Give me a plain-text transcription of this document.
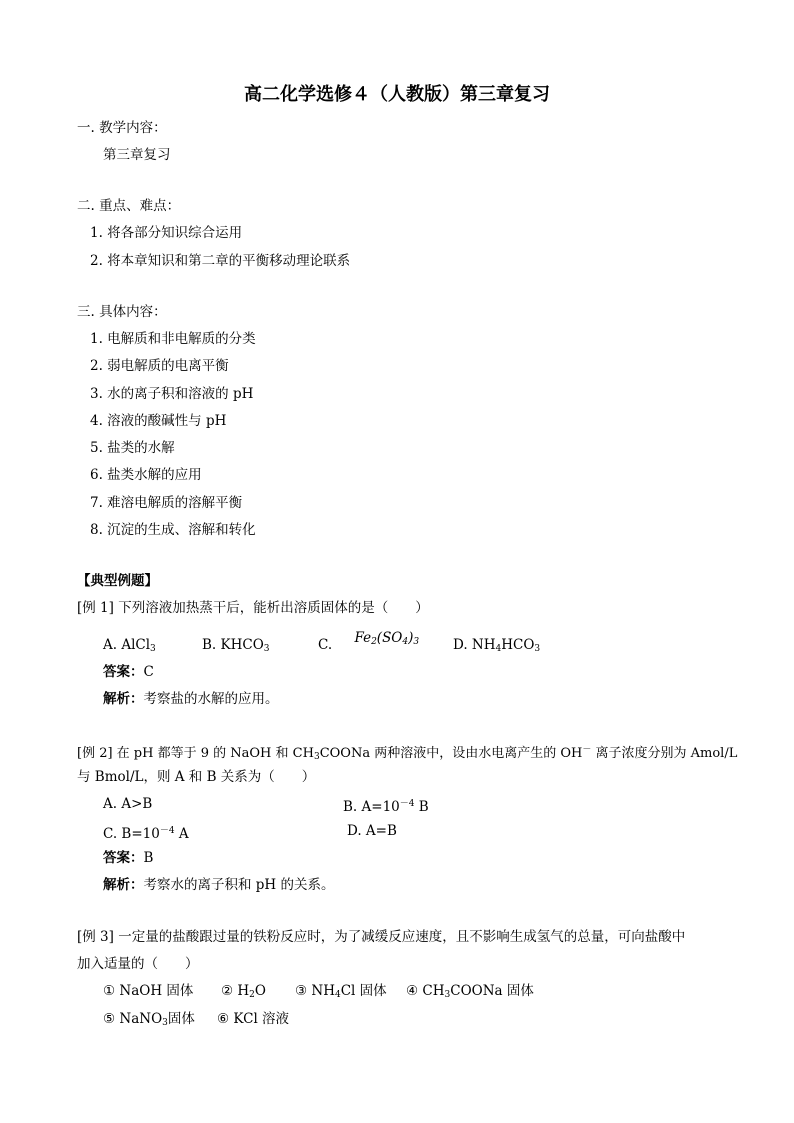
高二化学选修４（人教版）第三章复习
一. 教学内容：
第三章复习
二. 重点、难点：
1. 将各部分知识综合运用
2. 将本章知识和第二章的平衡移动理论联系
三. 具体内容：
1. 电解质和非电解质的分类
2. 弱电解质的电离平衡
3. 水的离子积和溶液的 pH
4. 溶液的酸碱性与 pH
5. 盐类的水解
6. 盐类水解的应用
7. 难溶电解质的溶解平衡
8. 沉淀的生成、溶解和转化
【典型例题】
[例 1] 下列溶液加热蒸干后，能析出溶质固体的是（　　）
A. AlCl$_3$	B. $KHCO_3$	C. $Fe_2(SO_4)_3$	D. $NH_4HCO_3$
答案：C
解析：考察盐的水解的应用。
[例 2] 在 pH 都等于 9 的 NaOH 和 $CH_3COONa$ 两种溶液中，设由水电离产生的 OH－ 离子浓度分别为 Amol/L
与 Bmol/L，则 A 和 B 关系为（　　）
A. A>B	B. $A=10^{-4}$ B
C. $B=10^{-4}$ A	D. A=B
答案：B
解析：考察水的离子积和 pH 的关系。
[例 3] 一定量的盐酸跟过量的铁粉反应时，为了减缓反应速度，且不影响生成氢气的总量，可向盐酸中
加入适量的（　　）
① NaOH 固体 ② $H_2O$ ③ $NH_4Cl$ 固体 ④ $CH_3COONa$ 固体
⑤ NaNO$_3$固体 ⑥ KCl 溶液
